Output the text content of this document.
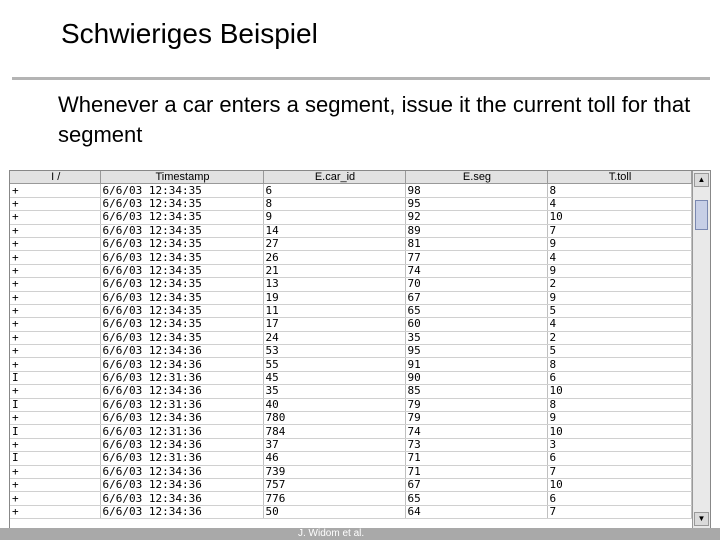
Schwieriges Beispiel
Whenever a car enters a segment, issue it the current toll for that segment
I /	Timestamp	E.car_id	E.seg	T.toll
+	6/6/03 12:34:35	6	98	8
+	6/6/03 12:34:35	8	95	4
+	6/6/03 12:34:35	9	92	10
+	6/6/03 12:34:35	14	89	7
+	6/6/03 12:34:35	27	81	9
+	6/6/03 12:34:35	26	77	4
+	6/6/03 12:34:35	21	74	9
+	6/6/03 12:34:35	13	70	2
+	6/6/03 12:34:35	19	67	9
+	6/6/03 12:34:35	11	65	5
+	6/6/03 12:34:35	17	60	4
+	6/6/03 12:34:35	24	35	2
+	6/6/03 12:34:36	53	95	5
+	6/6/03 12:34:36	55	91	8
I	6/6/03 12:31:36	45	90	6
+	6/6/03 12:34:36	35	85	10
I	6/6/03 12:31:36	40	79	8
+	6/6/03 12:34:36	780	79	9
I	6/6/03 12:31:36	784	74	10
+	6/6/03 12:34:36	37	73	3
I	6/6/03 12:31:36	46	71	6
+	6/6/03 12:34:36	739	71	7
+	6/6/03 12:34:36	757	67	10
+	6/6/03 12:34:36	776	65	6
+	6/6/03 12:34:36	50	64	7
▲
▼
J. Widom et al.
